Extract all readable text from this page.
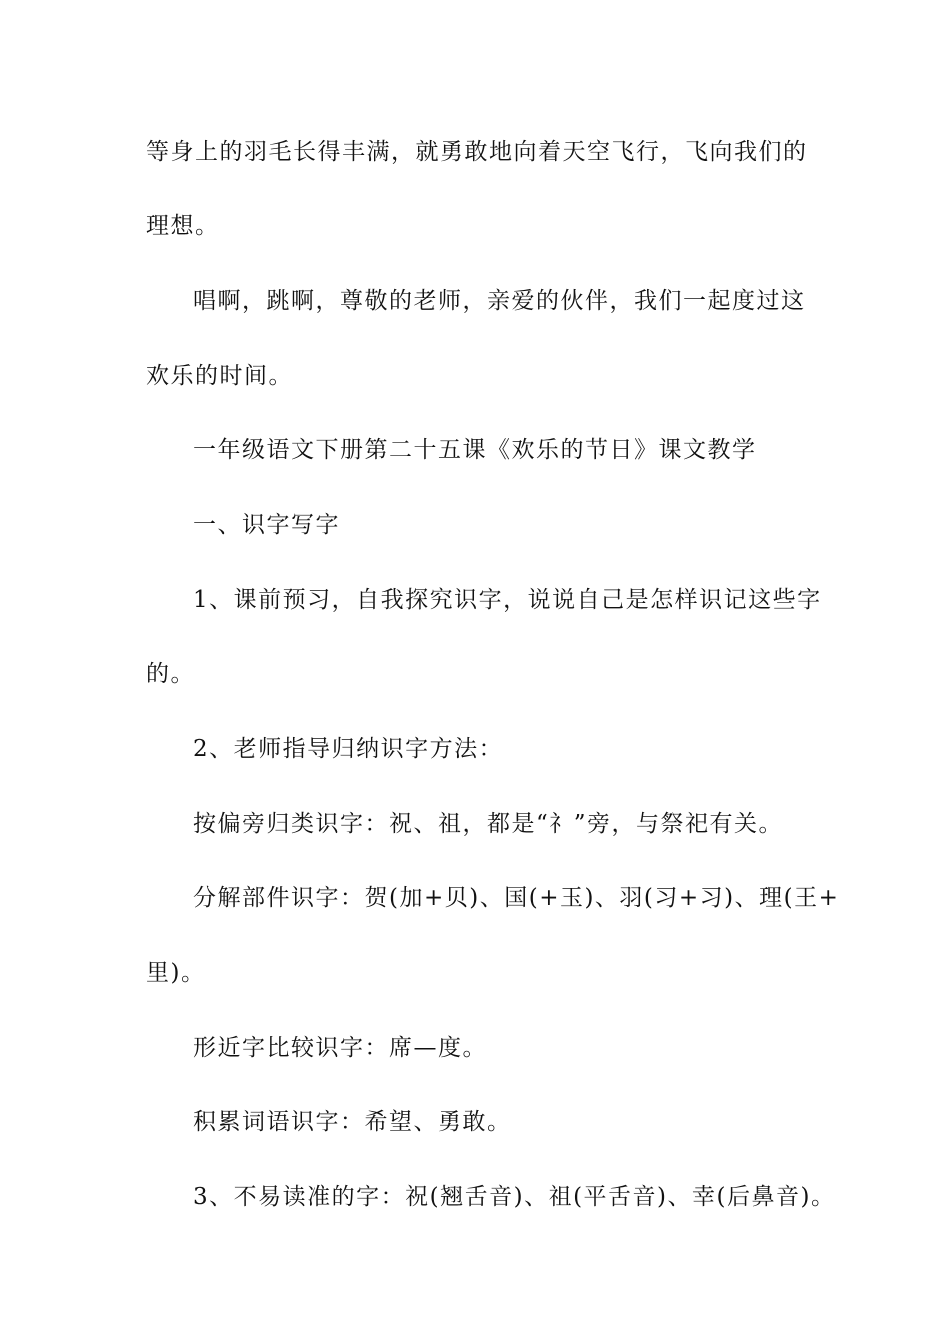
等身上的羽毛长得丰满，就勇敢地向着天空飞行，飞向我们的
理想。
唱啊，跳啊，尊敬的老师，亲爱的伙伴，我们一起度过这
欢乐的时间。
一年级语文下册第二十五课《欢乐的节日》课文教学
一、识字写字
1、课前预习，自我探究识字，说说自己是怎样识记这些字
的。
2、老师指导归纳识字方法：
按偏旁归类识字：祝、祖，都是“礻”旁，与祭祀有关。
分解部件识字：贺(加+贝)、国(+玉)、羽(习+习)、理(王+
里)。
形近字比较识字：席—度。
积累词语识字：希望、勇敢。
3、不易读准的字：祝(翘舌音)、祖(平舌音)、幸(后鼻音)。
